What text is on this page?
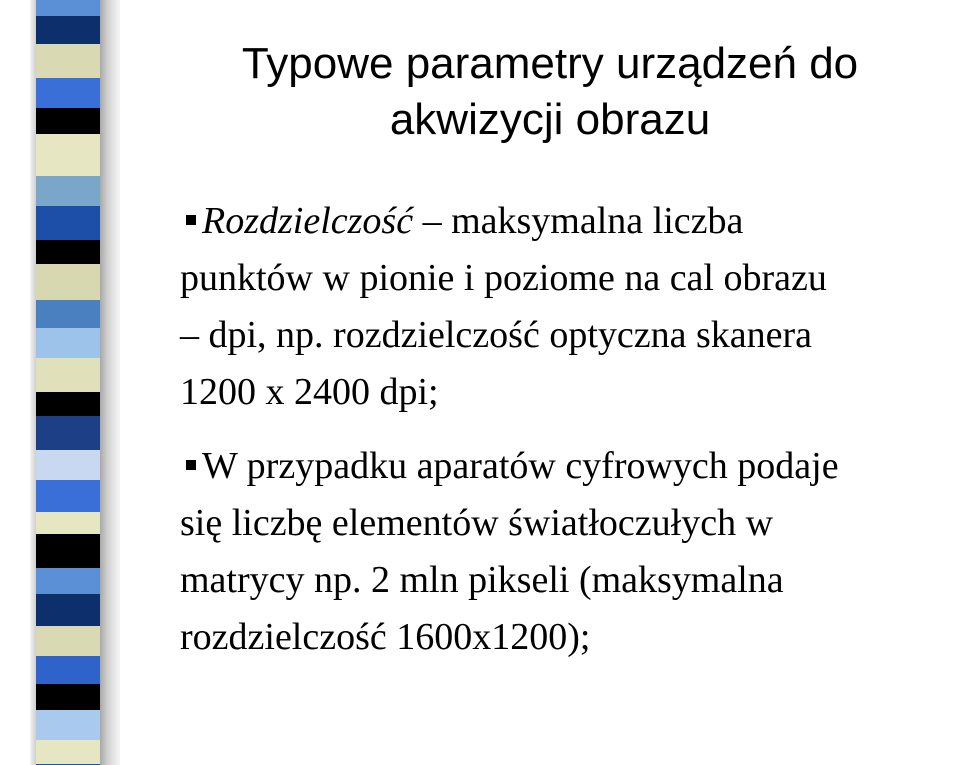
Typowe parametry urządzeń do
akwizycji obrazu
Rozdzielczość – maksymalna liczba
punktów w pionie i poziome na cal obrazu
– dpi, np. rozdzielczość optyczna skanera
1200 x 2400 dpi;
W przypadku aparatów cyfrowych podaje
się liczbę elementów światłoczułych w
matrycy np. 2 mln pikseli (maksymalna
rozdzielczość 1600x1200);
